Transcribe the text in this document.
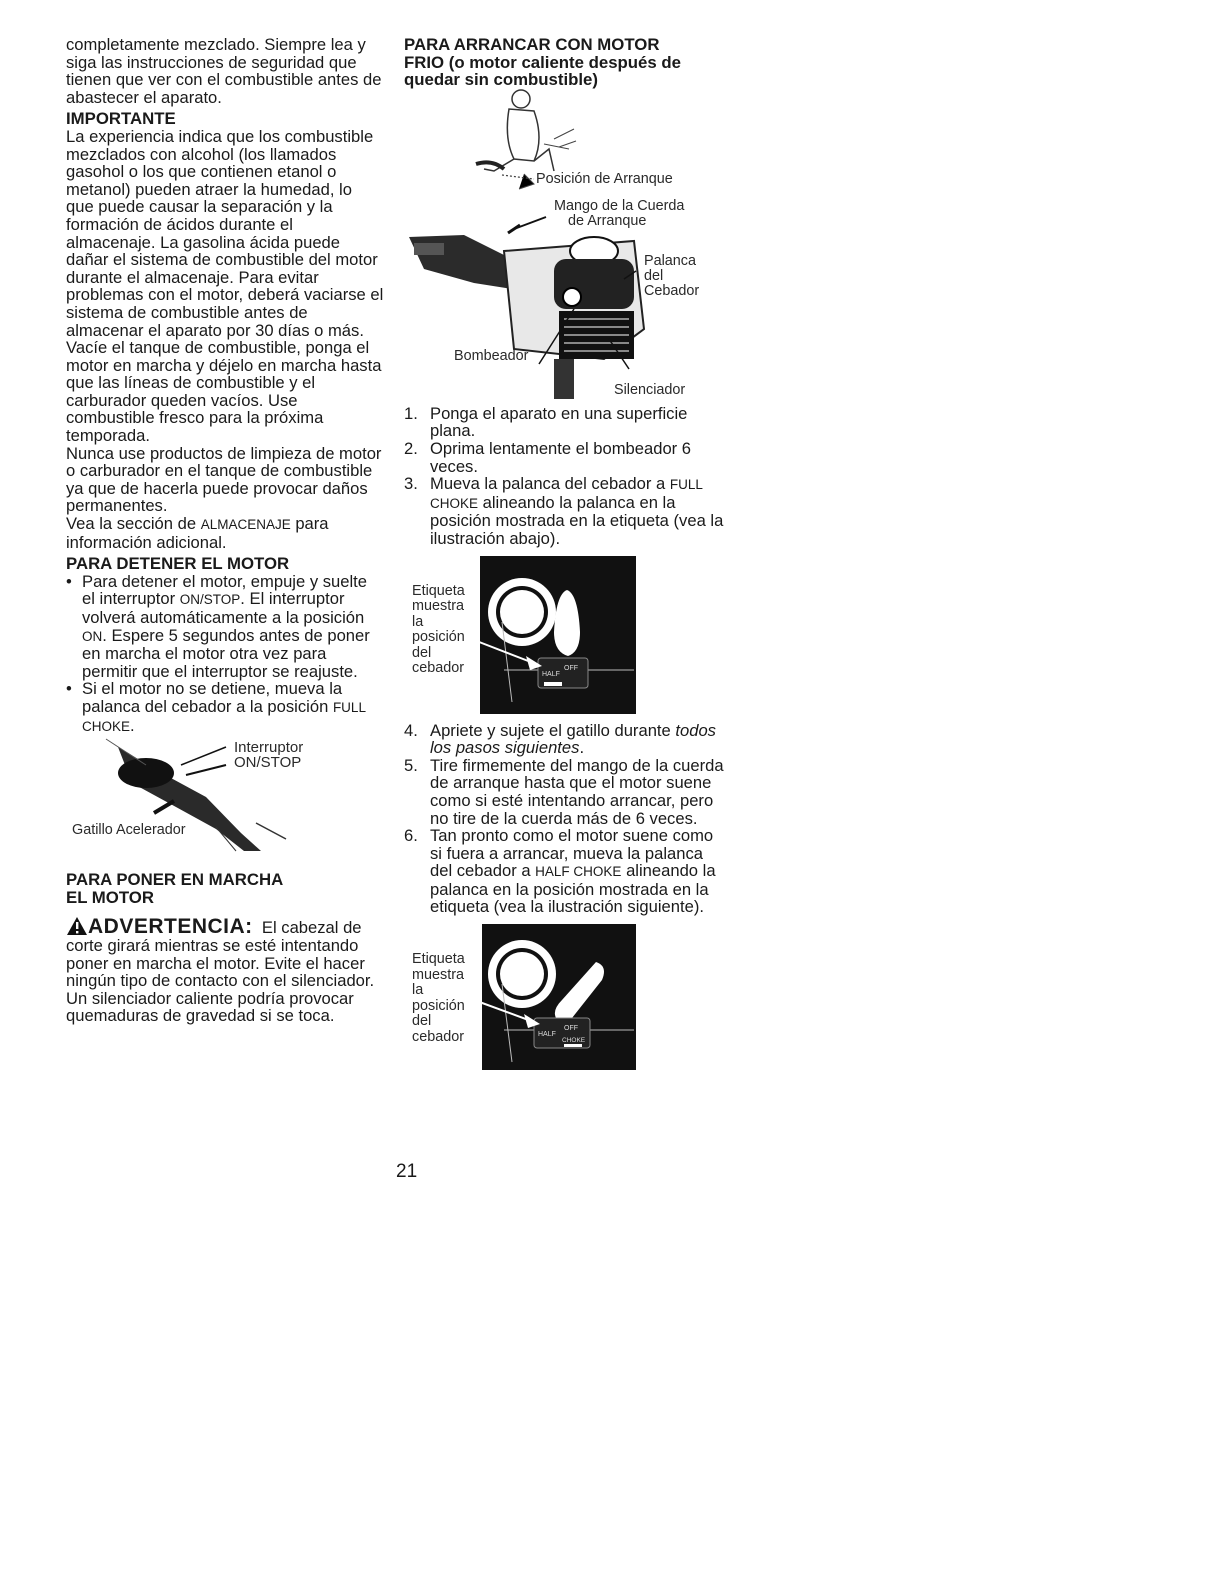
completamente mezclado. Siempre lea y siga las instrucciones de seguridad que tienen que ver con el combustible antes de abastecer el aparato.

IMPORTANTE

La experiencia indica que los combustible mezclados con alcohol (los llamados gasohol o los que contienen etanol o metanol) pueden atraer la humedad, lo que puede causar la separación y la formación de ácidos durante el almacenaje. La gasolina ácida puede dañar el sistema de combustible del motor durante el almacenaje. Para evitar problemas con el motor, deberá vaciarse el sistema de combustible antes de almacenar el aparato por 30 días o más. Vacíe el tanque de combustible, ponga el motor en marcha y déjelo en marcha hasta que las líneas de combustible y el carburador queden vacíos. Use combustible fresco para la próxima temporada.

Nunca use productos de limpieza de motor o carburador en el tanque de combustible ya que de hacerla puede provocar daños permanentes.

Vea la sección de ALMACENAJE para información adicional.

PARA DETENER EL MOTOR

• Para detener el motor, empuje y suelte el interruptor ON/STOP. El interruptor volverá automáticamente a la posición ON. Espere 5 segundos antes de poner en marcha el motor otra vez para permitir que el interruptor se reajuste.

• Si el motor no se detiene, mueva la palanca del cebador a la posición FULL CHOKE.

Interruptor
ON/STOP
Gatillo Acelerador

PARA PONER EN MARCHA

EL MOTOR

ADVERTENCIA: El cabezal de corte girará mientras se esté intentando poner en marcha el motor. Evite el hacer ningún tipo de contacto con el silenciador. Un silenciador caliente podría provocar quemaduras de gravedad si se toca.

PARA ARRANCAR CON MOTOR

FRIO (o motor caliente después de

quedar sin combustible)

Posición de Arranque
Mango de la Cuerda
de Arranque
Palanca
del
Cebador
Bombeador
Silenciador

1. Ponga el aparato en una superficie plana.

2. Oprima lentamente el bombeador 6 veces.

3. Mueva la palanca del cebador a FULL CHOKE alineando la palanca en la posición mostrada en la etiqueta (vea la ilustración abajo).

Etiqueta
muestra
la
posición
del
cebador	HALF
OFF

4. Apriete y sujete el gatillo durante todos los pasos siguientes.

5. Tire firmemente del mango de la cuerda de arranque hasta que el motor suene como si esté intentando arrancar, pero no tire de la cuerda más de 6 veces.

6. Tan pronto como el motor suene como si fuera a arrancar, mueva la palanca del cebador a HALF CHOKE alineando la palanca en la posición mostrada en la etiqueta (vea la ilustración siguiente).

Etiqueta
muestra
la
posición
del
cebador	HALF
OFF
CHOKE
21
